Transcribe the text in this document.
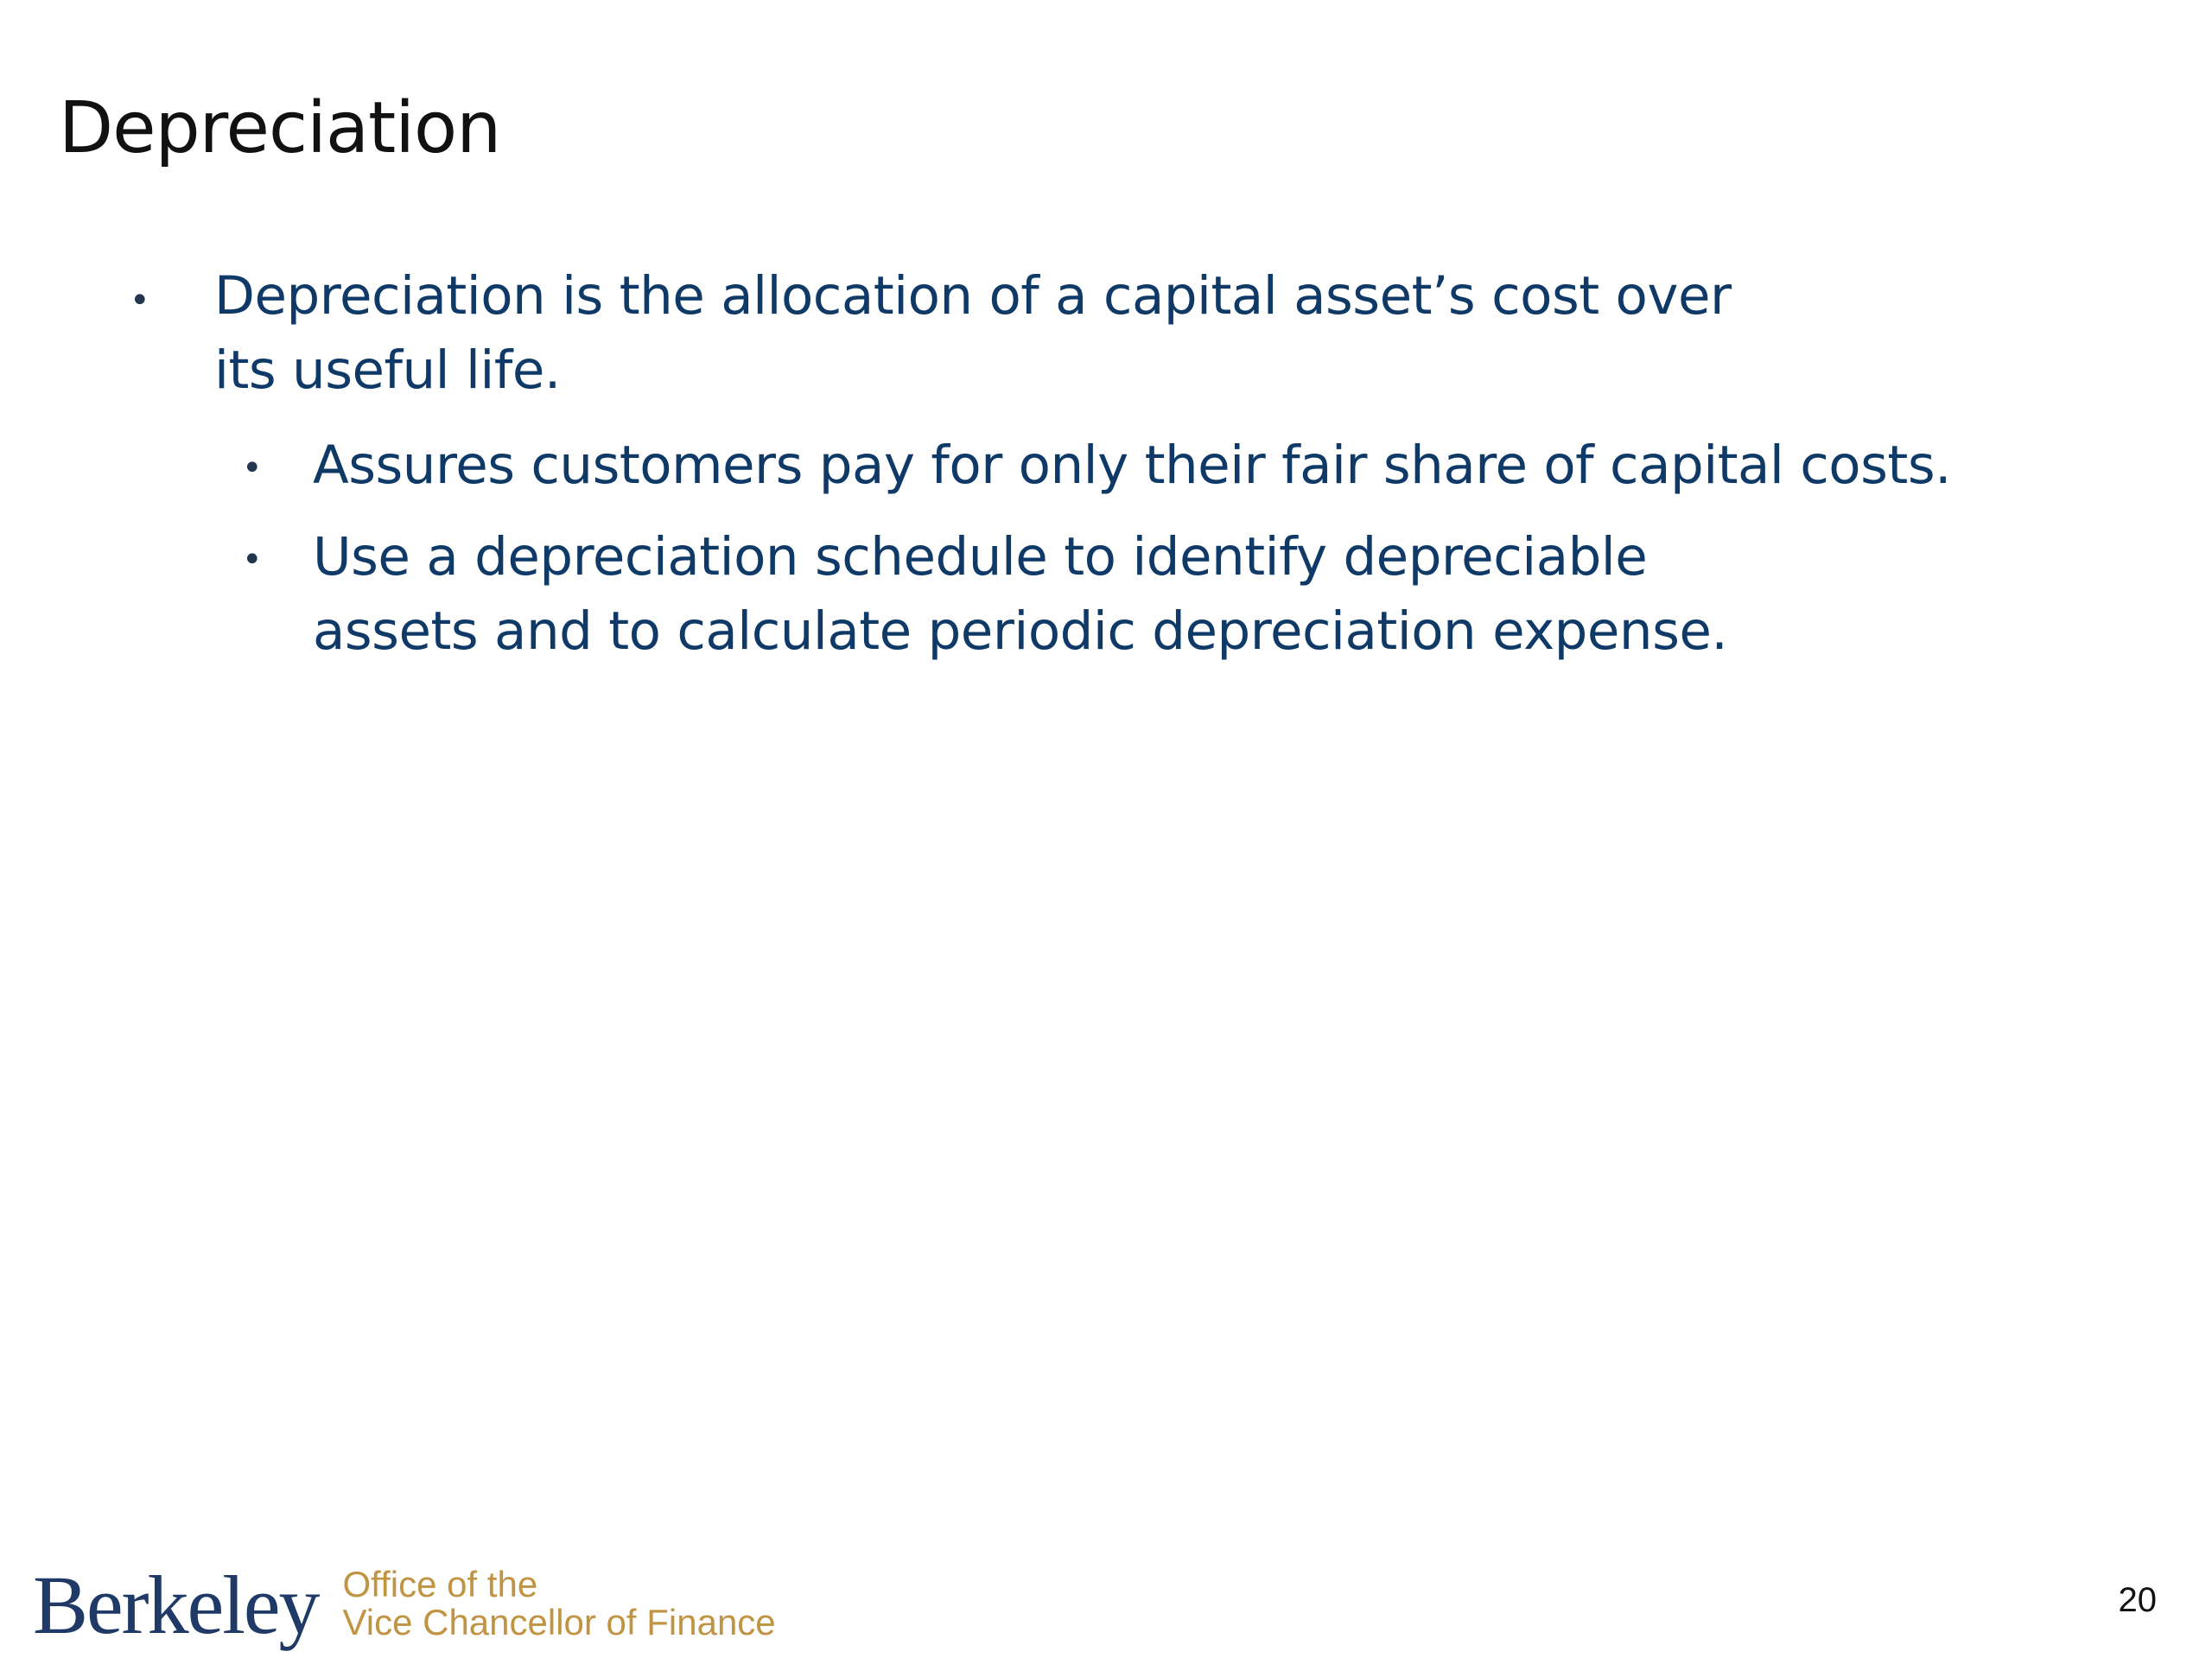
Depreciation
• Depreciation is the allocation of a capital asset’s cost over its useful life.
• Assures customers pay for only their fair share of capital costs.
• Use a depreciation schedule to identify depreciable assets and to calculate periodic depreciation expense.
Berkeley Office of the
Vice Chancellor of Finance
20
